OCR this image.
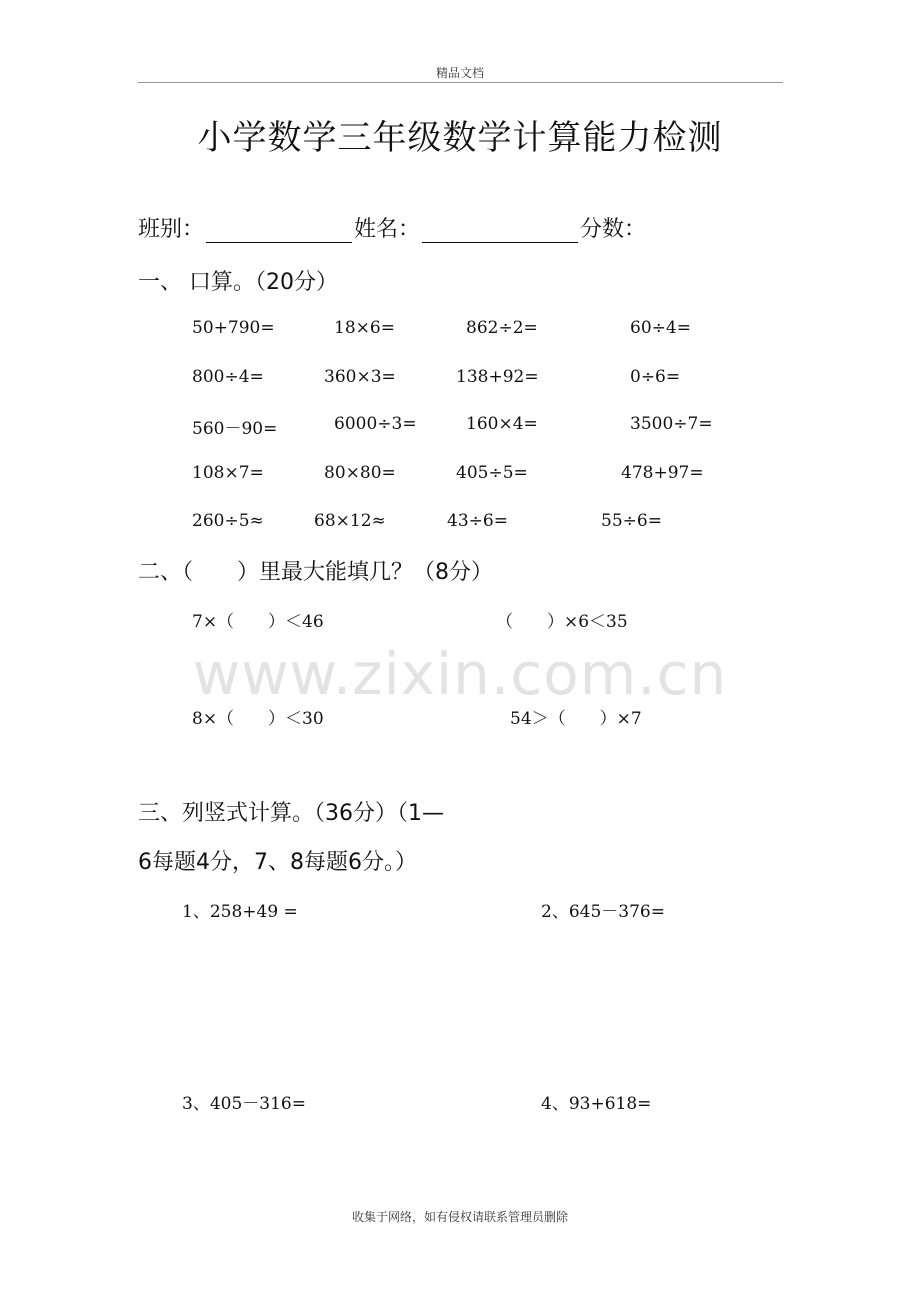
精品文档
小学数学三年级数学计算能力检测
班别：	姓名：	分数：
一、 口算。（20分）
50+790=	18×6=	862÷2=	60÷4=
800÷4=	360×3=	138+92=	0÷6=
560－90=	6000÷3=	160×4=	3500÷7=
108×7=	80×80=	405÷5=	478+97=
260÷5≈	68×12≈	43÷6=	55÷6=
二、（　　）里最大能填几？（8分）
7×（　　）＜46	（　　）×6＜35
www.zixin.com.cn
8×（　　）＜30	54＞（　　）×7
三、列竖式计算。（36分）（1—
6每题4分，7、8每题6分。）
1、258+49 =	2、645－376=
3、405－316=	4、93+618=
收集于网络，如有侵权请联系管理员删除
